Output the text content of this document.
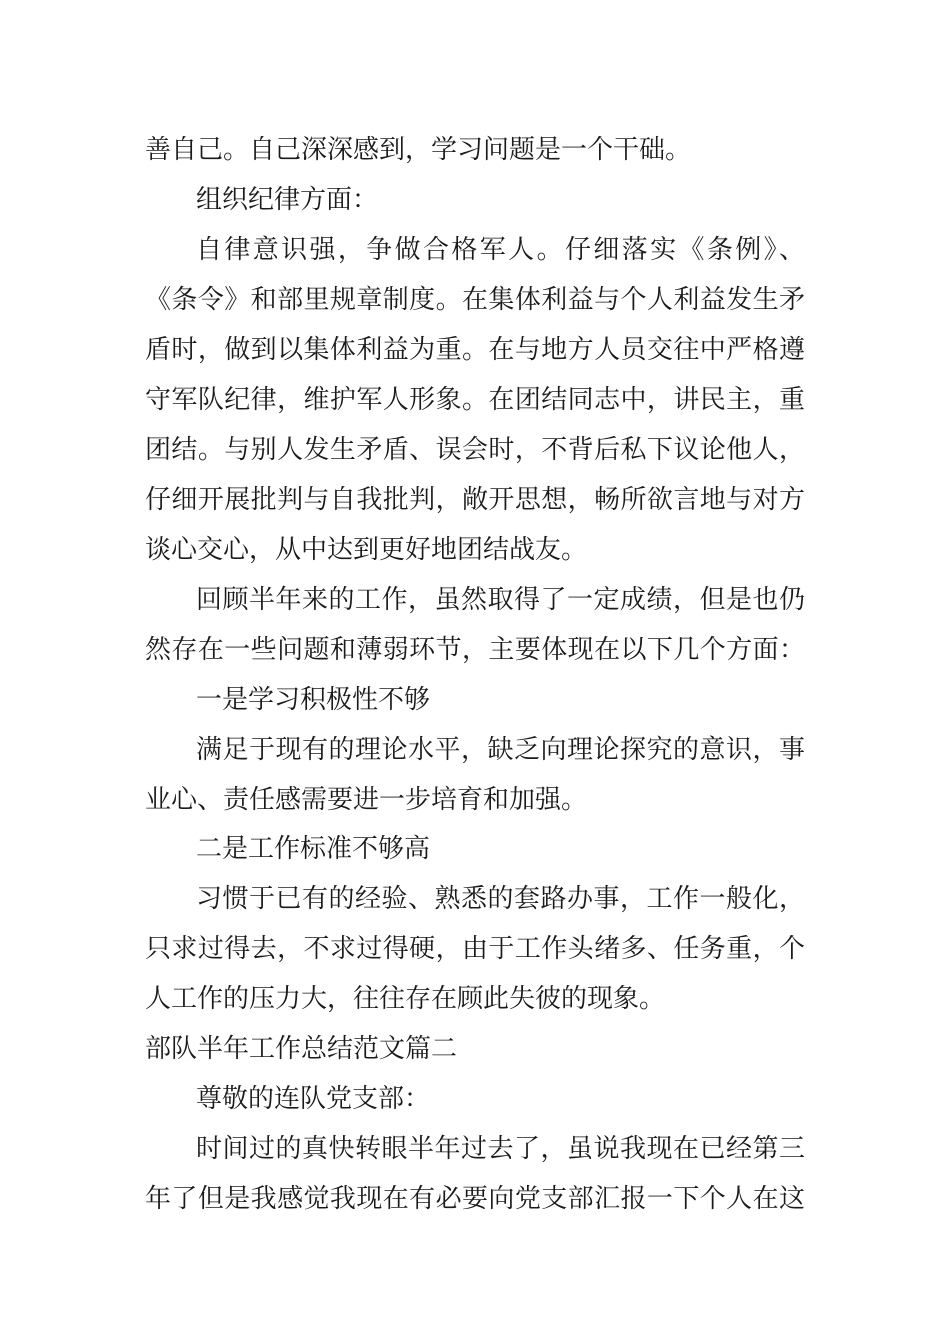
善自己。自己深深感到，学习问题是一个干础。
组织纪律方面：
自律意识强，争做合格军人。仔细落实《条例》、
《条令》和部里规章制度。在集体利益与个人利益发生矛
盾时，做到以集体利益为重。在与地方人员交往中严格遵
守军队纪律，维护军人形象。在团结同志中，讲民主，重
团结。与别人发生矛盾、误会时，不背后私下议论他人，
仔细开展批判与自我批判，敞开思想，畅所欲言地与对方
谈心交心，从中达到更好地团结战友。
回顾半年来的工作，虽然取得了一定成绩，但是也仍
然存在一些问题和薄弱环节，主要体现在以下几个方面：
一是学习积极性不够
满足于现有的理论水平，缺乏向理论探究的意识，事
业心、责任感需要进一步培育和加强。
二是工作标准不够高
习惯于已有的经验、熟悉的套路办事，工作一般化，
只求过得去，不求过得硬，由于工作头绪多、任务重，个
人工作的压力大，往往存在顾此失彼的现象。
部队半年工作总结范文篇二
尊敬的连队党支部：
时间过的真快转眼半年过去了，虽说我现在已经第三
年了但是我感觉我现在有必要向党支部汇报一下个人在这
